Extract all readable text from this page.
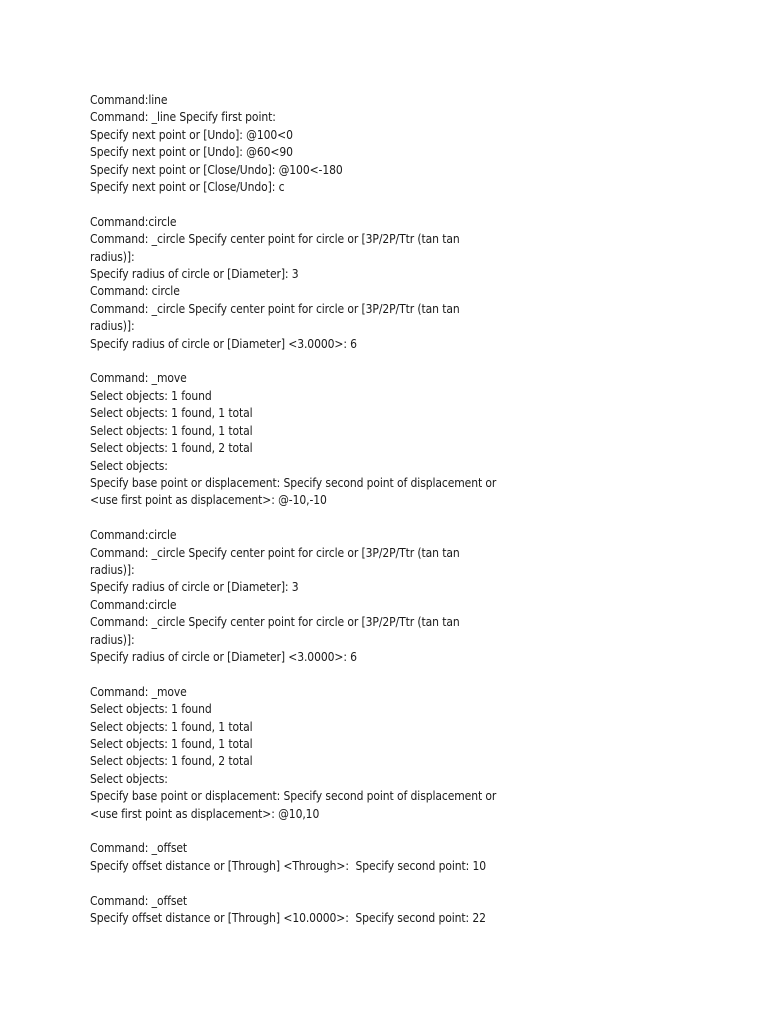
Command:line
Command: _line Specify first point:
Specify next point or [Undo]: @100<0
Specify next point or [Undo]: @60<90
Specify next point or [Close/Undo]: @100<-180
Specify next point or [Close/Undo]: c
Command:circle
Command: _circle Specify center point for circle or [3P/2P/Ttr (tan tan
radius)]:
Specify radius of circle or [Diameter]: 3
Command: circle
Command: _circle Specify center point for circle or [3P/2P/Ttr (tan tan
radius)]:
Specify radius of circle or [Diameter] <3.0000>: 6
Command: _move
Select objects: 1 found
Select objects: 1 found, 1 total
Select objects: 1 found, 1 total
Select objects: 1 found, 2 total
Select objects:
Specify base point or displacement: Specify second point of displacement or
<use first point as displacement>: @-10,-10
Command:circle
Command: _circle Specify center point for circle or [3P/2P/Ttr (tan tan
radius)]:
Specify radius of circle or [Diameter]: 3
Command:circle
Command: _circle Specify center point for circle or [3P/2P/Ttr (tan tan
radius)]:
Specify radius of circle or [Diameter] <3.0000>: 6
Command: _move
Select objects: 1 found
Select objects: 1 found, 1 total
Select objects: 1 found, 1 total
Select objects: 1 found, 2 total
Select objects:
Specify base point or displacement: Specify second point of displacement or
<use first point as displacement>: @10,10
Command: _offset
Specify offset distance or [Through] <Through>:  Specify second point: 10
Command: _offset
Specify offset distance or [Through] <10.0000>:  Specify second point: 22
